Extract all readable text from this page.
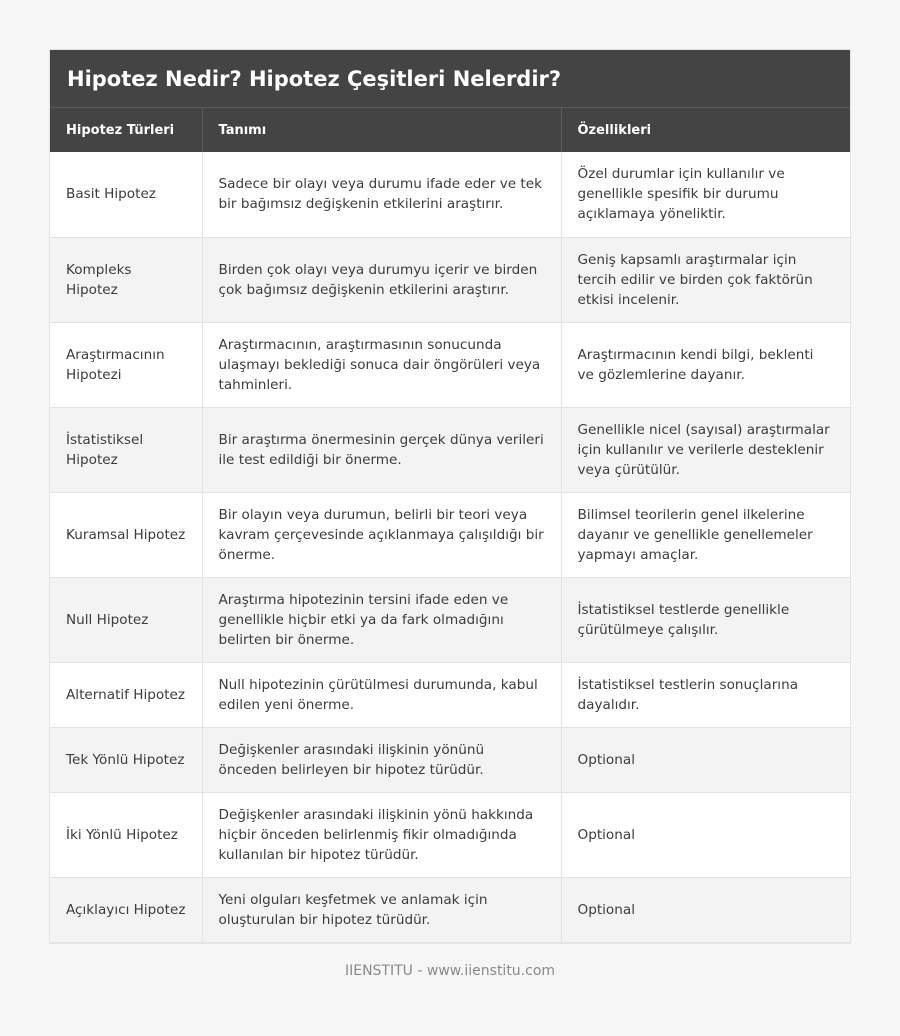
Hipotez Nedir? Hipotez Çeşitleri Nelerdir?
Hipotez Türleri	Tanımı	Özellikleri
Basit Hipotez	Sadece bir olayı veya durumu ifade eder ve tek bir bağımsız değişkenin etkilerini araştırır.	Özel durumlar için kullanılır ve genellikle spesifik bir durumu açıklamaya yöneliktir.
Kompleks Hipotez	Birden çok olayı veya durumyu içerir ve birden çok bağımsız değişkenin etkilerini araştırır.	Geniş kapsamlı araştırmalar için tercih edilir ve birden çok faktörün etkisi incelenir.
Araştırmacının Hipotezi	Araştırmacının, araştırmasının sonucunda ulaşmayı beklediği sonuca dair öngörüleri veya tahminleri.	Araştırmacının kendi bilgi, beklenti ve gözlemlerine dayanır.
İstatistiksel Hipotez	Bir araştırma önermesinin gerçek dünya verileri ile test edildiği bir önerme.	Genellikle nicel (sayısal) araştırmalar için kullanılır ve verilerle desteklenir veya çürütülür.
Kuramsal Hipotez	Bir olayın veya durumun, belirli bir teori veya kavram çerçevesinde açıklanmaya çalışıldığı bir önerme.	Bilimsel teorilerin genel ilkelerine dayanır ve genellikle genellemeler yapmayı amaçlar.
Null Hipotez	Araştırma hipotezinin tersini ifade eden ve genellikle hiçbir etki ya da fark olmadığını belirten bir önerme.	İstatistiksel testlerde genellikle çürütülmeye çalışılır.
Alternatif Hipotez	Null hipotezinin çürütülmesi durumunda, kabul edilen yeni önerme.	İstatistiksel testlerin sonuçlarına dayalıdır.
Tek Yönlü Hipotez	Değişkenler arasındaki ilişkinin yönünü önceden belirleyen bir hipotez türüdür.	Optional
İki Yönlü Hipotez	Değişkenler arasındaki ilişkinin yönü hakkında hiçbir önceden belirlenmiş fikir olmadığında kullanılan bir hipotez türüdür.	Optional
Açıklayıcı Hipotez	Yeni olguları keşfetmek ve anlamak için oluşturulan bir hipotez türüdür.	Optional
IIENSTITU - www.iienstitu.com
